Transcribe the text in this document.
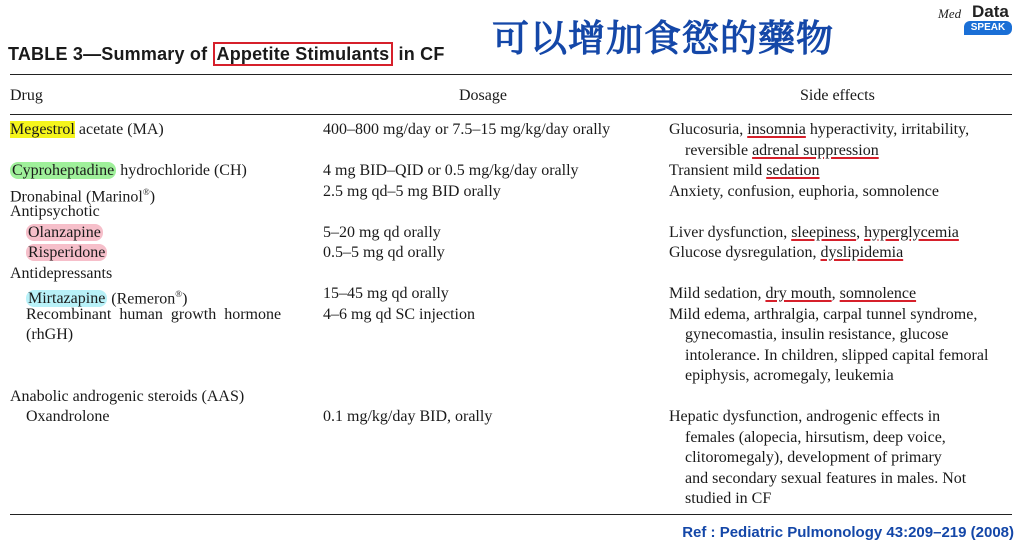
TABLE 3—Summary of Appetite Stimulants in CF 可以增加食慾的藥物
Med Data
SPEAK
Drug	Dosage	Side effects
Megestrol acetate (MA)	400–800 mg/day or 7.5–15 mg/kg/day orally	Glucosuria, insomnia hyperactivity, irritability,
reversible adrenal suppression
Cyproheptadine hydrochloride (CH)	4 mg BID–QID or 0.5 mg/kg/day orally	Transient mild sedation
Dronabinal (Marinol®)	2.5 mg qd–5 mg BID orally	Anxiety, confusion, euphoria, somnolence
Antipsychotic
Olanzapine	5–20 mg qd orally	Liver dysfunction, sleepiness, hyperglycemia
Risperidone	0.5–5 mg qd orally	Glucose dysregulation, dyslipidemia
Antidepressants
Mirtazapine (Remeron®)	15–45 mg qd orally	Mild sedation, dry mouth, somnolence
Recombinant  human  growth  hormone
(rhGH)
4–6 mg qd SC injection	Mild edema, arthralgia, carpal tunnel syndrome,
gynecomastia, insulin resistance, glucose
intolerance. In children, slipped capital femoral
epiphysis, acromegaly, leukemia
Anabolic androgenic steroids (AAS)
Oxandrolone	0.1 mg/kg/day BID, orally	Hepatic dysfunction, androgenic effects in
females (alopecia, hirsutism, deep voice,
clitoromegaly), development of primary
and secondary sexual features in males. Not
studied in CF
Ref : Pediatric Pulmonology 43:209–219 (2008)
